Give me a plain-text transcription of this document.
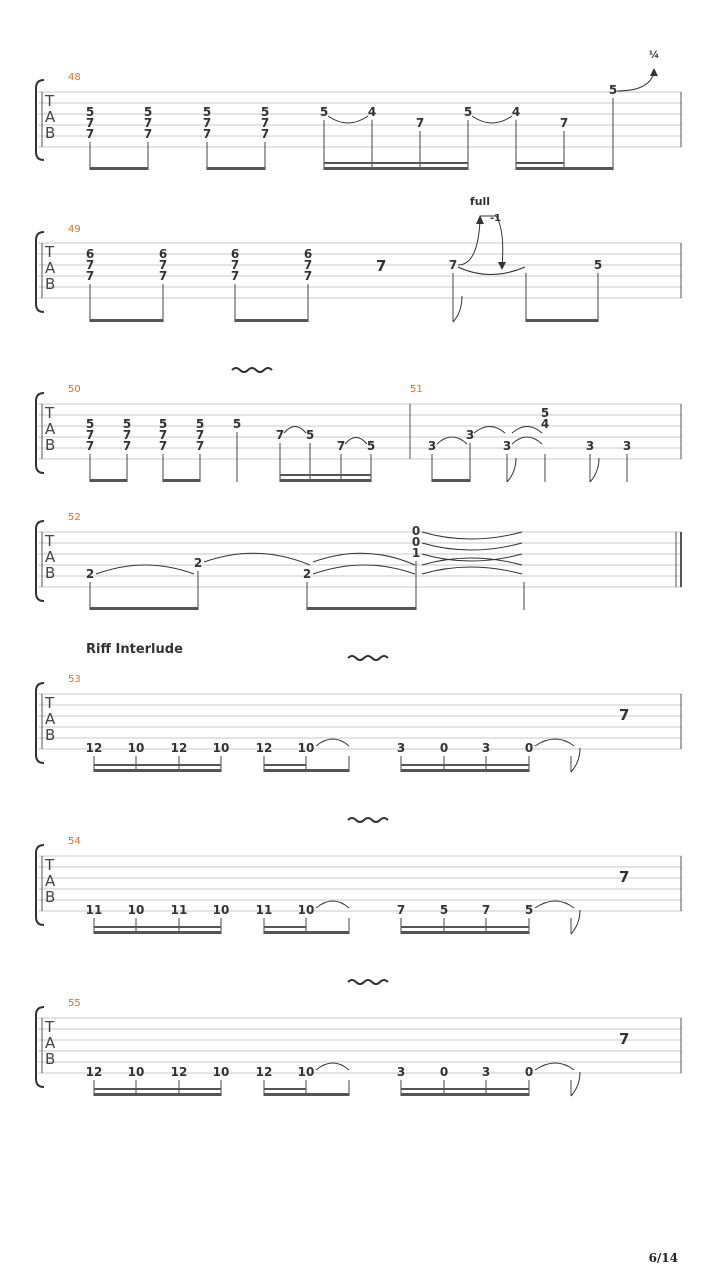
T
A
B
48
5
7
7
5
7
7
5
7
7
5
7
7
5	4
7
5	4
7
5
¼
T
A
B
49
6
7
7
6
7
7
6
7
7
6
7
7
7	7	5
full
-1
T
A
B
50	51
5
7
7
5
7
7
5
7
7
5
7
7
5
7 5
7 5	3
3
3
5
4
3 3
T
A
B
52
2
2
2
0
0
1
Riff Interlude
T
A
B
53
12 10 12 10 12 10	3	0	3	0
7
T
A
B
54
11 10 11 10 11 10	7	5	7	5
7
T
A
B
55
12 10 12 10 12 10	3	0	3	0
7
6/14
